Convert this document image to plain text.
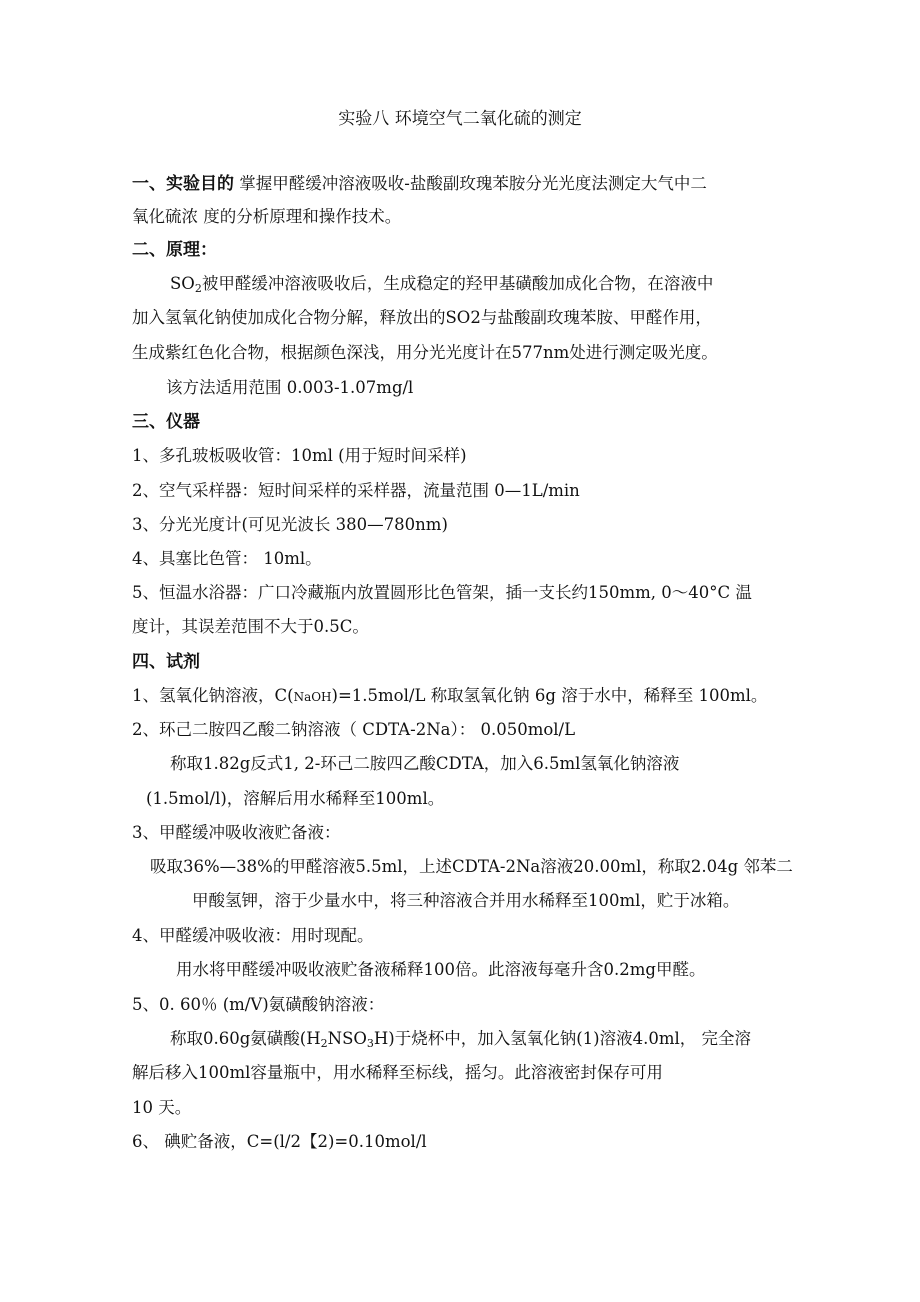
实验八 环境空气二氧化硫的测定
一、实验目的 掌握甲醛缓冲溶液吸收-盐酸副玫瑰苯胺分光光度法测定大气中二
氧化硫浓 度的分析原理和操作技术。
二、原理：
$SO_2$被甲醛缓冲溶液吸收后，生成稳定的羟甲基磺酸加成化合物，在溶液中
加入氢氧化钠使加成化合物分解，释放出的SO2与盐酸副玫瑰苯胺、甲醛作用，
生成紫红色化合物，根据颜色深浅，用分光光度计在577nm处进行测定吸光度。
该方法适用范围 0.003-1.07mg/l
三、仪器
1、多孔玻板吸收管：10ml (用于短时间采样)
2、空气采样器：短时间采样的采样器，流量范围 0—1L/min
3、分光光度计(可见光波长 380—780nm)
4、具塞比色管： 10ml。
5、恒温水浴器：广口冷藏瓶内放置圆形比色管架，插一支长约150mm, 0～40°C 温
度计，其误差范围不大于0.5C。
四、试剂
1、氢氧化钠溶液，C(NaOH)=1.5mol/L 称取氢氧化钠 6g 溶于水中，稀释至 100ml。
2、环己二胺四乙酸二钠溶液（ CDTA-2Na）： 0.050mol/L
称取1.82g反式1, 2-环己二胺四乙酸CDTA，加入6.5ml氢氧化钠溶液
(1.5mol/l)，溶解后用水稀释至100ml。
3、甲醛缓冲吸收液贮备液：
吸取36%—38%的甲醛溶液5.5ml，上述CDTA-2Na溶液20.00ml，称取2.04g 邻苯二
甲酸氢钾，溶于少量水中，将三种溶液合并用水稀释至100ml，贮于冰箱。
4、甲醛缓冲吸收液：用时现配。
用水将甲醛缓冲吸收液贮备液稀释100倍。此溶液每毫升含0.2mg甲醛。
5、0. 60％ (m/V)氨磺酸钠溶液：
称取0.60g氨磺酸$(H_2NSO_3H)$于烧杯中，加入氢氧化钠(1)溶液4.0ml， 完全溶
解后移入100ml容量瓶中，用水稀释至标线，摇匀。此溶液密封保存可用
10 天。
6、 碘贮备液，C=(l/2【2)=0.10mol/l
